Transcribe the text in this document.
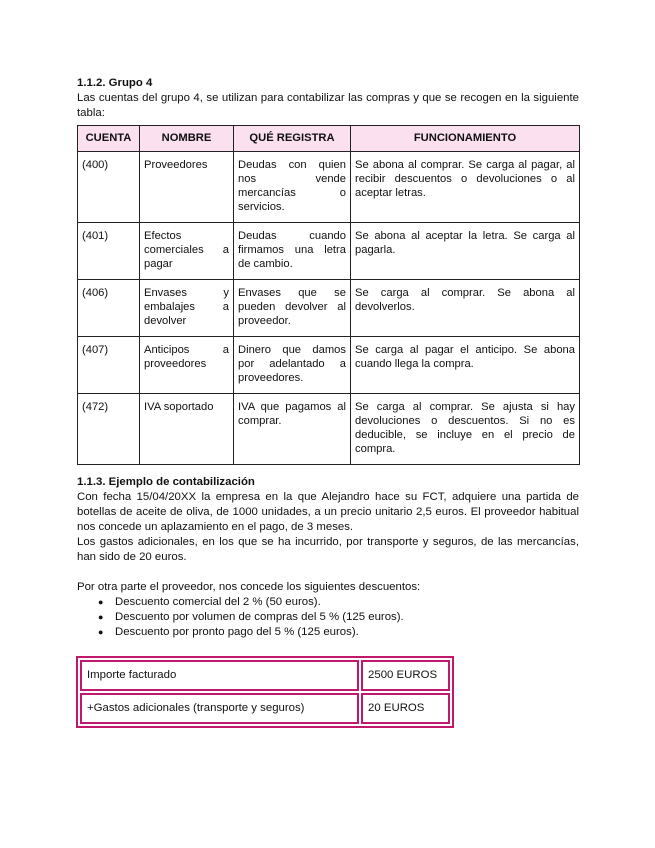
1.1.2. Grupo 4

Las cuentas del grupo 4, se utilizan para contabilizar las compras y que se recogen en la siguiente tabla:

CUENTA	NOMBRE	QUÉ REGISTRA	FUNCIONAMIENTO
(400)	Proveedores	Deudas con quien nos vende mercancías o servicios.	Se abona al comprar. Se carga al pagar, al recibir descuentos o devoluciones o al aceptar letras.
(401)	Efectos comerciales a pagar	Deudas cuando firmamos una letra de cambio.	Se abona al aceptar la letra. Se carga al pagarla.
(406)	Envases y embalajes a devolver	Envases que se pueden devolver al proveedor.	Se carga al comprar. Se abona al devolverlos.
(407)	Anticipos a proveedores	Dinero que damos por adelantado a proveedores.	Se carga al pagar el anticipo. Se abona cuando llega la compra.
(472)	IVA soportado	IVA que pagamos al comprar.	Se carga al comprar. Se ajusta si hay devoluciones o descuentos. Si no es deducible, se incluye en el precio de compra.

1.1.3. Ejemplo de contabilización

Con fecha 15/04/20XX la empresa en la que Alejandro hace su FCT, adquiere una partida de botellas de aceite de oliva, de 1000 unidades, a un precio unitario 2,5 euros. El proveedor habitual nos concede un aplazamiento en el pago, de 3 meses.

Los gastos adicionales, en los que se ha incurrido, por transporte y seguros, de las mercancías, han sido de 20 euros.

Por otra parte el proveedor, nos concede los siguientes descuentos:

● Descuento comercial del 2 % (50 euros).
● Descuento por volumen de compras del 5 % (125 euros).
● Descuento por pronto pago del 5 % (125 euros).
Importe facturado	2500 EUROS
+Gastos adicionales (transporte y seguros)	20 EUROS
